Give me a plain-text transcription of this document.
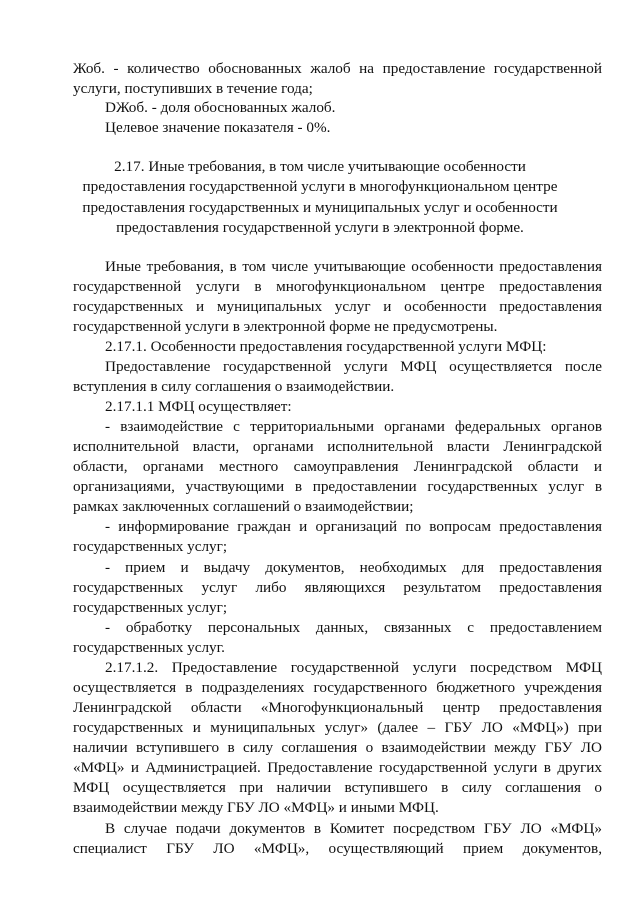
Жоб. - количество обоснованных жалоб на предоставление государственной
услуги, поступивших в течение года;
DЖоб. - доля обоснованных жалоб.
Целевое значение показателя - 0%.
2.17. Иные требования, в том числе учитывающие особенности
предоставления государственной услуги в многофункциональном центре
предоставления государственных и муниципальных услуг и особенности
предоставления государственной услуги в электронной форме.
Иные требования, в том числе учитывающие особенности предоставления
государственной услуги в многофункциональном центре предоставления
государственных и муниципальных услуг и особенности предоставления
государственной услуги в электронной форме не предусмотрены.
2.17.1. Особенности предоставления государственной услуги МФЦ:
Предоставление государственной услуги МФЦ осуществляется после
вступления в силу соглашения о взаимодействии.
2.17.1.1 МФЦ осуществляет:
- взаимодействие с территориальными органами федеральных органов
исполнительной власти, органами исполнительной власти Ленинградской
области, органами местного самоуправления Ленинградской области и
организациями, участвующими в предоставлении государственных услуг в
рамках заключенных соглашений о взаимодействии;
- информирование граждан и организаций по вопросам предоставления
государственных услуг;
- прием и выдачу документов, необходимых для предоставления
государственных услуг либо являющихся результатом предоставления
государственных услуг;
- обработку персональных данных, связанных с предоставлением
государственных услуг.
2.17.1.2. Предоставление государственной услуги посредством МФЦ
осуществляется в подразделениях государственного бюджетного учреждения
Ленинградской области «Многофункциональный центр предоставления
государственных и муниципальных услуг» (далее – ГБУ ЛО «МФЦ») при
наличии вступившего в силу соглашения о взаимодействии между ГБУ ЛО
«МФЦ» и Администрацией. Предоставление государственной услуги в других
МФЦ осуществляется при наличии вступившего в силу соглашения о
взаимодействии между ГБУ ЛО «МФЦ» и иными МФЦ.
В случае подачи документов в Комитет посредством ГБУ ЛО «МФЦ»
специалист ГБУ ЛО «МФЦ», осуществляющий прием документов,
